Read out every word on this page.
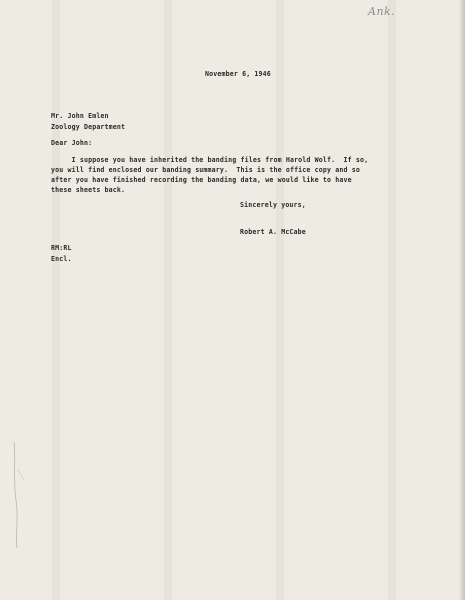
Ank.
November 6, 1946
Mr. John Emlen
Zoology Department
Dear John:
I suppose you have inherited the banding files from Harold Wolf.  If so,
you will find enclosed our banding summary.  This is the office copy and so
after you have finished recording the banding data, we would like to have
these sheets back.
Sincerely yours,
Robert A. McCabe
RM:RL
Encl.
